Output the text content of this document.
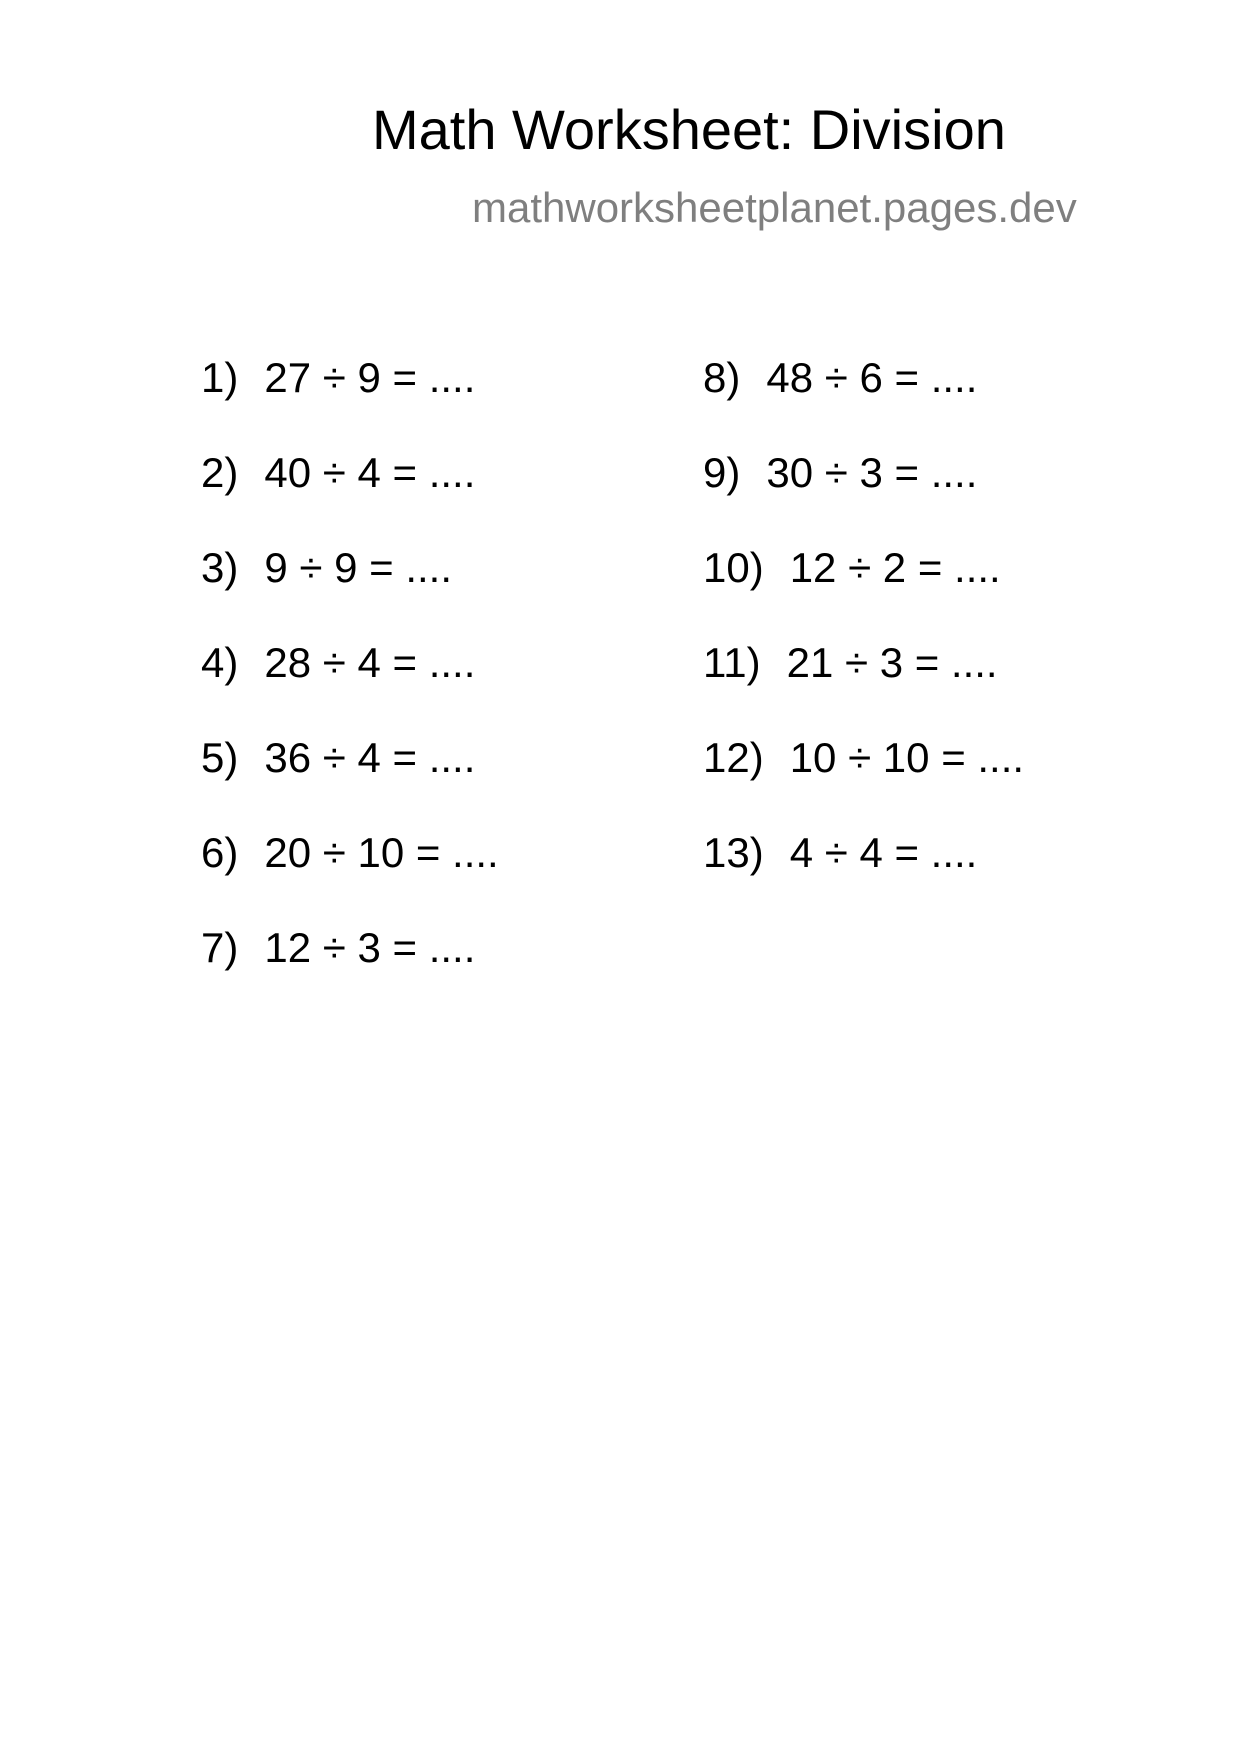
Math Worksheet: Division
mathworksheetplanet.pages.dev
1) 27 ÷ 9 = ....
2) 40 ÷ 4 = ....
3) 9 ÷ 9 = ....
4) 28 ÷ 4 = ....
5) 36 ÷ 4 = ....
6) 20 ÷ 10 = ....
7) 12 ÷ 3 = ....
8) 48 ÷ 6 = ....
9) 30 ÷ 3 = ....
10) 12 ÷ 2 = ....
11) 21 ÷ 3 = ....
12) 10 ÷ 10 = ....
13) 4 ÷ 4 = ....
